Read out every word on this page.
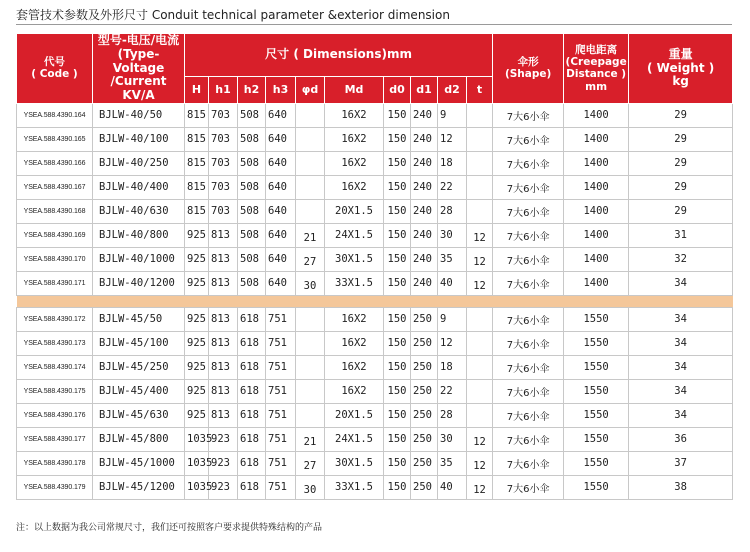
套管技术参数及外形尺寸 Conduit technical parameter &exterior dimension
代号
( Code )	型号-电压/电流
(Type-Voltage
/Current
KV/A	尺寸 ( Dimensions)mm										伞形
(Shape)	爬电距离
(Creepage
Distance )
mm	重量
( Weight )
kg
		H	h1	h2	h3	φd	Md	d0	d1	d2	t			
YSEA.588.4390.164	BJLW-40/50	815	703	508	640		16X2	150	240	9		7大6小伞	1400	29
YSEA.588.4390.165	BJLW-40/100	815	703	508	640		16X2	150	240	12		7大6小伞	1400	29
YSEA.588.4390.166	BJLW-40/250	815	703	508	640		16X2	150	240	18		7大6小伞	1400	29
YSEA.588.4390.167	BJLW-40/400	815	703	508	640		16X2	150	240	22		7大6小伞	1400	29
YSEA.588.4390.168	BJLW-40/630	815	703	508	640		20X1.5	150	240	28		7大6小伞	1400	29
YSEA.588.4390.169	BJLW-40/800	925	813	508	640	21	24X1.5	150	240	30	12	7大6小伞	1400	31
YSEA.588.4390.170	BJLW-40/1000	925	813	508	640	27	30X1.5	150	240	35	12	7大6小伞	1400	32
YSEA.588.4390.171	BJLW-40/1200	925	813	508	640	30	33X1.5	150	240	40	12	7大6小伞	1400	34

YSEA.588.4390.172	BJLW-45/50	925	813	618	751		16X2	150	250	9		7大6小伞	1550	34
YSEA.588.4390.173	BJLW-45/100	925	813	618	751		16X2	150	250	12		7大6小伞	1550	34
YSEA.588.4390.174	BJLW-45/250	925	813	618	751		16X2	150	250	18		7大6小伞	1550	34
YSEA.588.4390.175	BJLW-45/400	925	813	618	751		16X2	150	250	22		7大6小伞	1550	34
YSEA.588.4390.176	BJLW-45/630	925	813	618	751		20X1.5	150	250	28		7大6小伞	1550	34
YSEA.588.4390.177	BJLW-45/800	1035	923	618	751	21	24X1.5	150	250	30	12	7大6小伞	1550	36
YSEA.588.4390.178	BJLW-45/1000	1035	923	618	751	27	30X1.5	150	250	35	12	7大6小伞	1550	37
YSEA.588.4390.179	BJLW-45/1200	1035	923	618	751	30	33X1.5	150	250	40	12	7大6小伞	1550	38
注：以上数据为我公司常规尺寸，我们还可按照客户要求提供特殊结构的产品
